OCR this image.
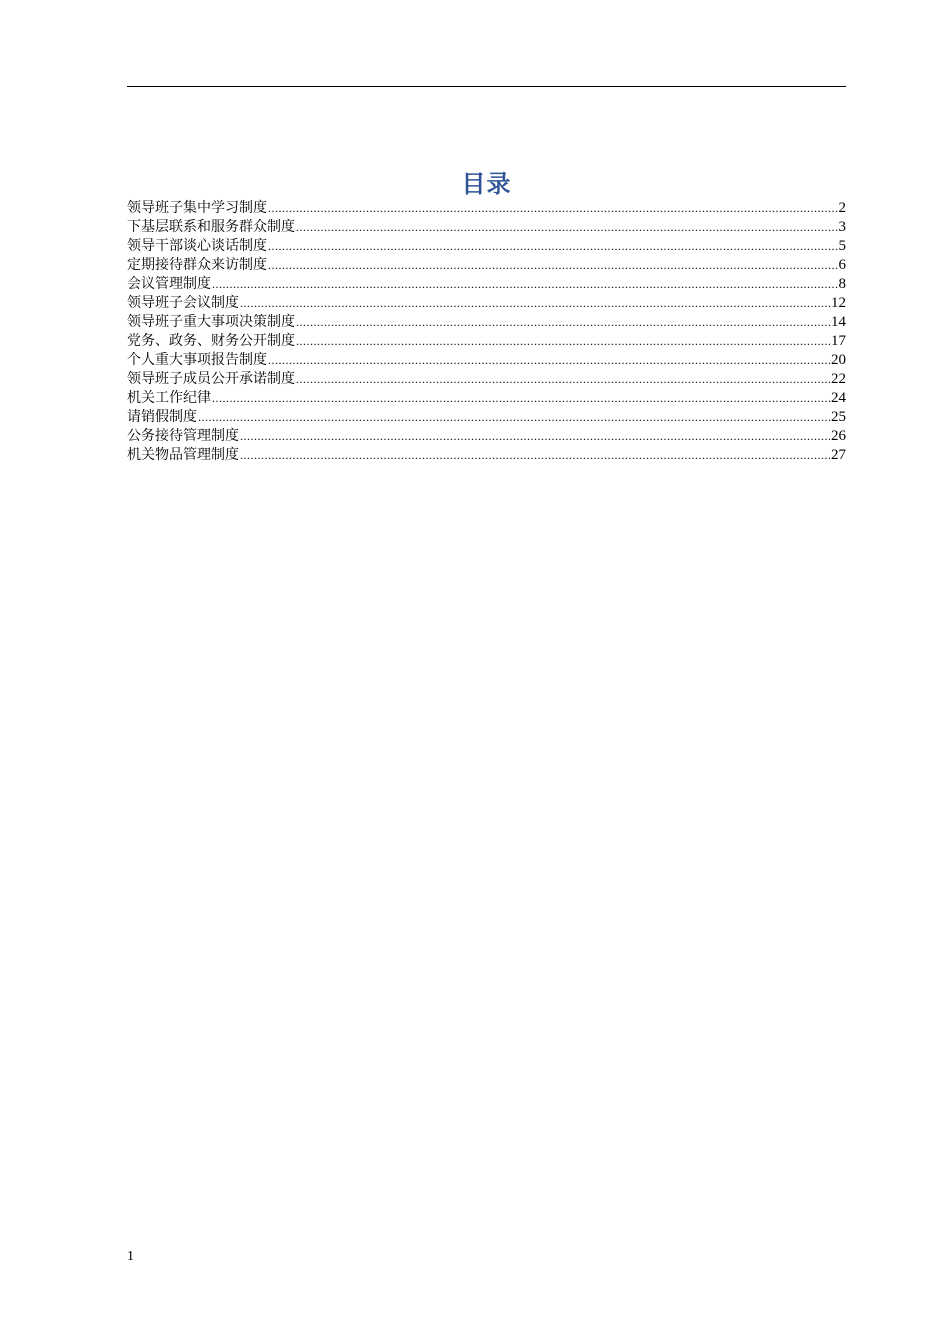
目录
领导班子集中学习制度 .....	2
下基层联系和服务群众制度 .....	3
领导干部谈心谈话制度 .....	5
定期接待群众来访制度 .....	6
会议管理制度 .....	8
领导班子会议制度 .....	12
领导班子重大事项决策制度 .....	14
党务、政务、财务公开制度 .....	17
个人重大事项报告制度 .....	20
领导班子成员公开承诺制度 .....	22
机关工作纪律 .....	24
请销假制度 .....	25
公务接待管理制度 .....	26
机关物品管理制度 .....	27
1
